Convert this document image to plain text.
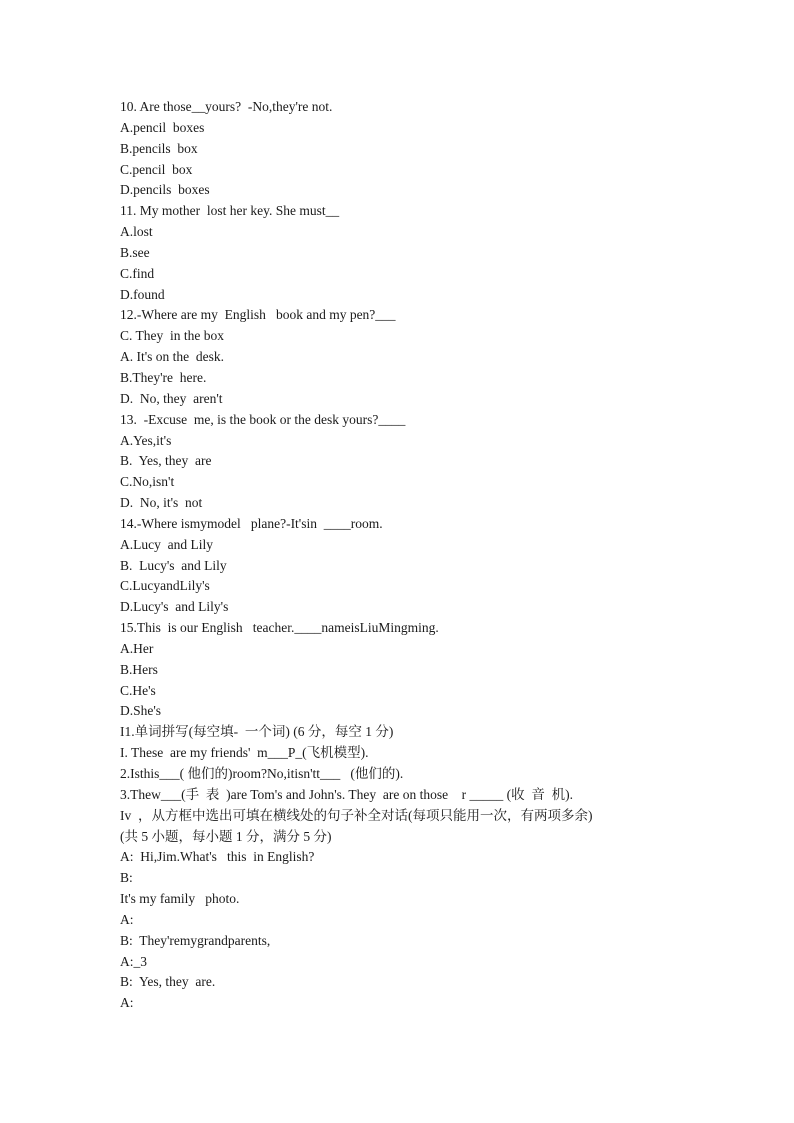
10. Are those__yours?  -No,they're not.
A.pencil  boxes
B.pencils  box
C.pencil  box
D.pencils  boxes
11. My mother  lost her key. She must__
A.lost
B.see
C.find
D.found
12.-Where are my  English   book and my pen?___
C. They  in the box
A. It's on the  desk.
B.They're  here.
D.  No, they  aren't
13.  -Excuse  me, is the book or the desk yours?____
A.Yes,it's
B.  Yes, they  are
C.No,isn't
D.  No, it's  not
14.-Where ismymodel   plane?-It'sin  ____room.
A.Lucy  and Lily
B.  Lucy's  and Lily
C.LucyandLily's
D.Lucy's  and Lily's
15.This  is our English   teacher.____nameisLiuMingming.
A.Her
B.Hers
C.He's
D.She's
I1.单词拼写(每空填-  一个词) (6 分，每空 1 分)
I. These  are my friends'  m___P_(飞机模型).
2.Isthis___( 他们的)room?No,itisn'tt___   (他们的).
3.Thew___(手  表  )are Tom's and John's. They  are on those    r _____ (收  音  机).
Iv  ，从方框中选出可填在横线处的句子补全对话(每项只能用一次，有两项多余)
(共 5 小题，每小题 1 分，满分 5 分)
A:  Hi,Jim.What's   this  in English?
B:
It's my family   photo.
A:
B:  They'remygrandparents,
A:_3
B:  Yes, they  are.
A:
